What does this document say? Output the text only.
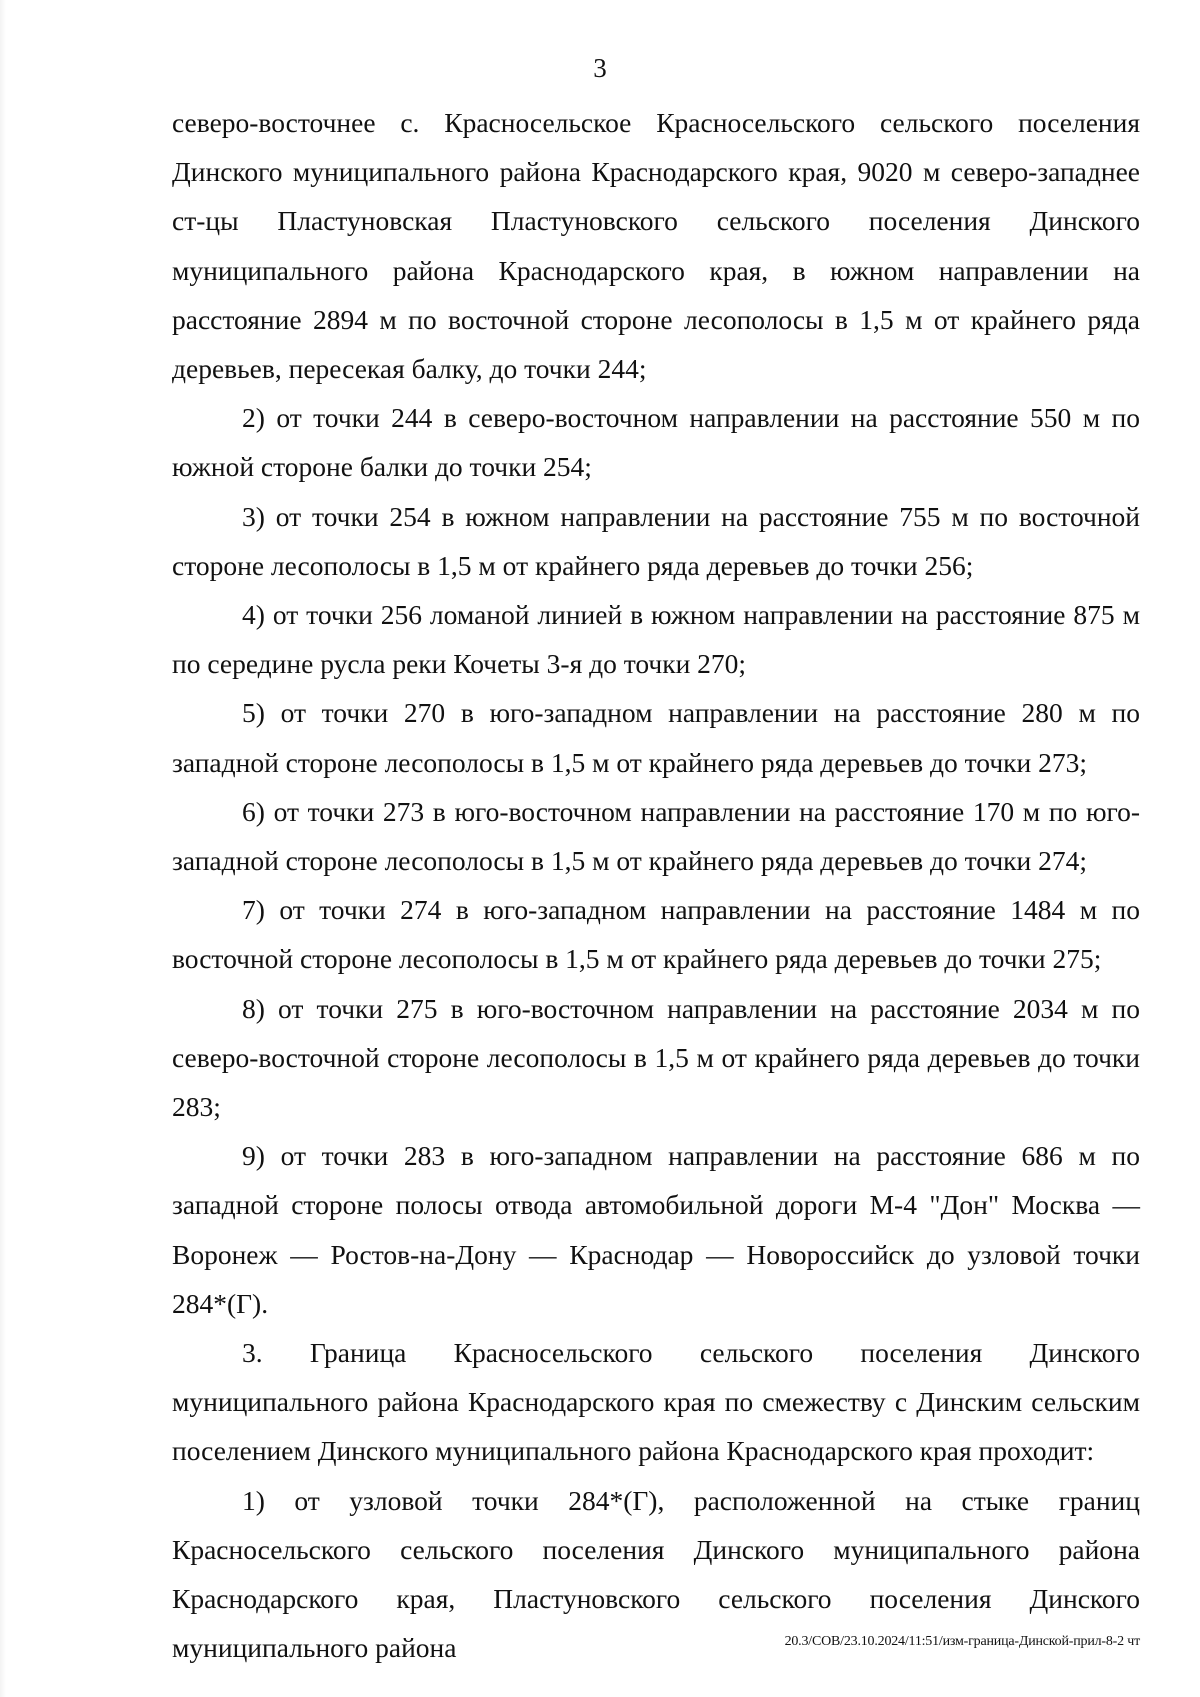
3

северо-восточнее с. Красносельское Красносельского сельского поселения Динского муниципального района Краснодарского края, 9020 м северо-западнее ст-цы Пластуновская Пластуновского сельского поселения Динского муниципального района Краснодарского края, в южном направлении на расстояние 2894 м по восточной стороне лесополосы в 1,5 м от крайнего ряда деревьев, пересекая балку, до точки 244;

2) от точки 244 в северо-восточном направлении на расстояние 550 м по южной стороне балки до точки 254;

3) от точки 254 в южном направлении на расстояние 755 м по восточной стороне лесополосы в 1,5 м от крайнего ряда деревьев до точки 256;

4) от точки 256 ломаной линией в южном направлении на расстояние 875 м по середине русла реки Кочеты 3-я до точки 270;

5) от точки 270 в юго-западном направлении на расстояние 280 м по западной стороне лесополосы в 1,5 м от крайнего ряда деревьев до точки 273;

6) от точки 273 в юго-восточном направлении на расстояние 170 м по юго-западной стороне лесополосы в 1,5 м от крайнего ряда деревьев до точки 274;

7) от точки 274 в юго-западном направлении на расстояние 1484 м по восточной стороне лесополосы в 1,5 м от крайнего ряда деревьев до точки 275;

8) от точки 275 в юго-восточном направлении на расстояние 2034 м по северо-восточной стороне лесополосы в 1,5 м от крайнего ряда деревьев до точки 283;

9) от точки 283 в юго-западном направлении на расстояние 686 м по западной стороне полосы отвода автомобильной дороги М-4 "Дон" Москва — Воронеж — Ростов-на-Дону — Краснодар — Новороссийск до узловой точки 284*(Г).

3. Граница Красносельского сельского поселения Динского муниципального района Краснодарского края по смежеству с Динским сельским поселением Динского муниципального района Краснодарского края проходит:

1) от узловой точки 284*(Г), расположенной на стыке границ Красносельского сельского поселения Динского муниципального района Краснодарского края, Пластуновского сельского поселения Динского муниципального района	20.3/СОВ/23.10.2024/11:51/изм-граница-Динской-прил-8-2 чт
